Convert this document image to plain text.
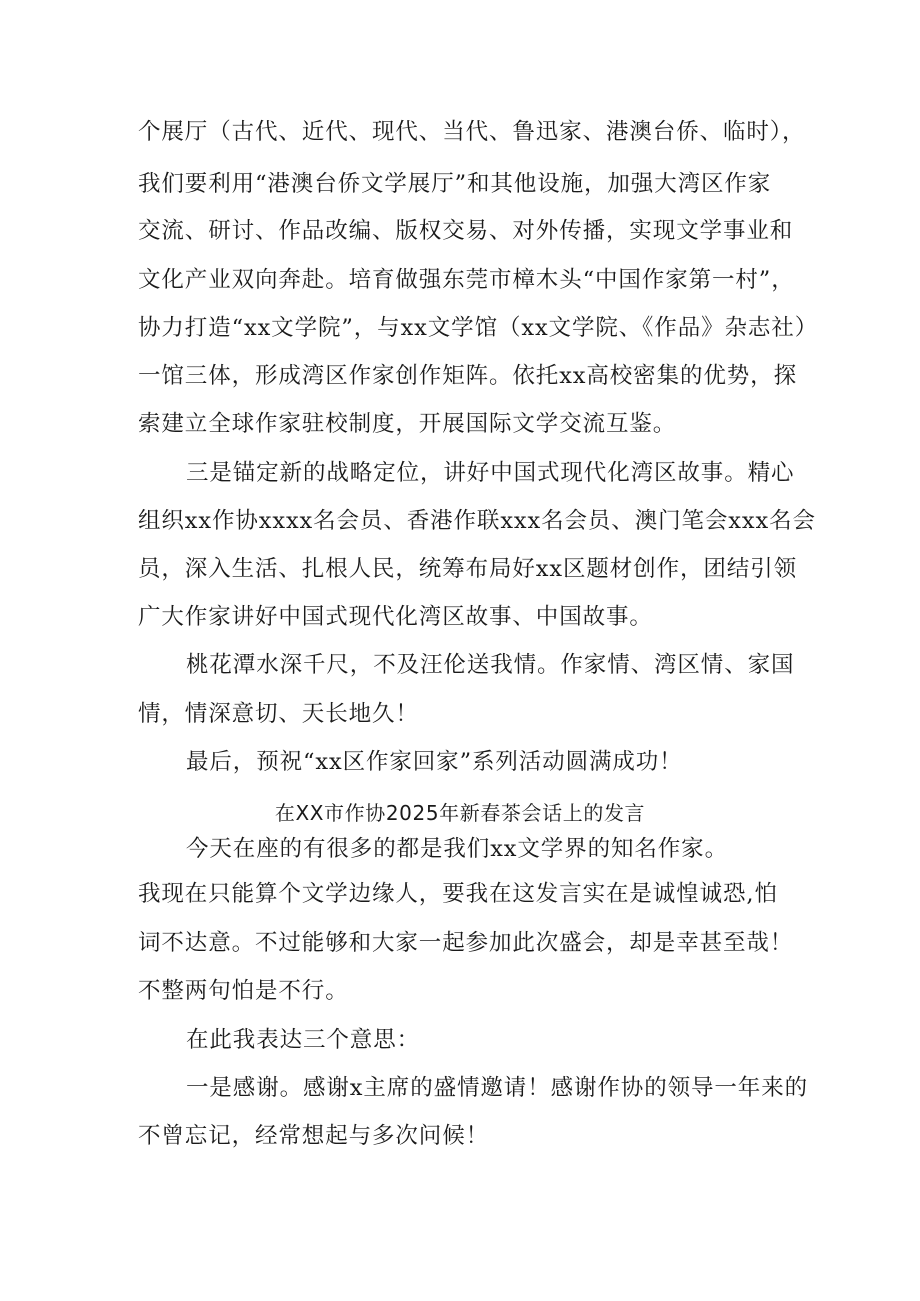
个展厅（古代、近代、现代、当代、鲁迅家、港澳台侨、临时），
我们要利用“港澳台侨文学展厅”和其他设施，加强大湾区作家
交流、研讨、作品改编、版权交易、对外传播，实现文学事业和
文化产业双向奔赴。培育做强东莞市樟木头“中国作家第一村”，
协力打造“xx文学院”，与xx文学馆（xx文学院、《作品》杂志社）
一馆三体，形成湾区作家创作矩阵。依托xx高校密集的优势，探
索建立全球作家驻校制度，开展国际文学交流互鉴。
三是锚定新的战略定位，讲好中国式现代化湾区故事。精心
组织xx作协xxxx名会员、香港作联xxx名会员、澳门笔会xxx名会
员，深入生活、扎根人民，统筹布局好xx区题材创作，团结引领
广大作家讲好中国式现代化湾区故事、中国故事。
桃花潭水深千尺，不及汪伦送我情。作家情、湾区情、家国
情，情深意切、天长地久！
最后，预祝“xx区作家回家”系列活动圆满成功！
在XX市作协2025年新春茶会话上的发言
今天在座的有很多的都是我们xx文学界的知名作家。
我现在只能算个文学边缘人，要我在这发言实在是诚惶诚恐,怕
词不达意。不过能够和大家一起参加此次盛会，却是幸甚至哉！
不整两句怕是不行。
在此我表达三个意思：
一是感谢。感谢x主席的盛情邀请！感谢作协的领导一年来的
不曾忘记，经常想起与多次问候！
